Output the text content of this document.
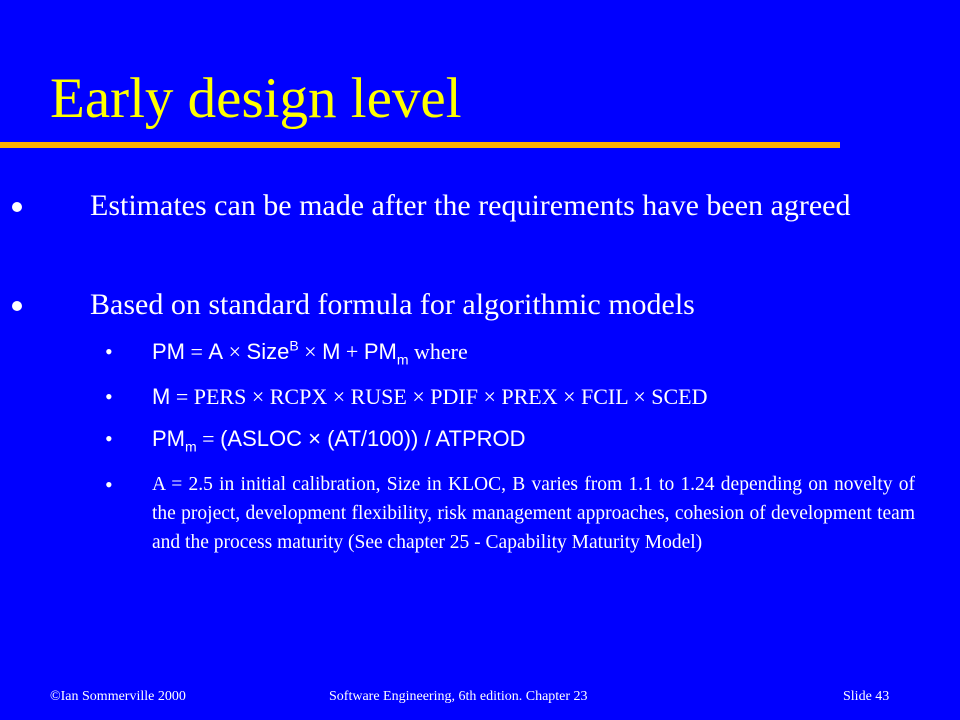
Early design level
Estimates can be made after the requirements have been agreed
Based on standard formula for algorithmic models
• PM = A × Size$^B$ × $M + PM_m$ where
• M = PERS × RCPX × RUSE × PDIF × PREX × FCIL × SCED
• $PM_m$ = (ASLOC × (AT/100)) / ATPROD
• A = 2.5 in initial calibration, Size in KLOC, B varies from 1.1 to 1.24 depending on novelty of the project, development flexibility, risk management approaches, cohesion of development team and the process maturity (See chapter 25 - Capability Maturity Model)
©Ian Sommerville 2000	Software Engineering, 6th edition. Chapter 23	Slide 43
